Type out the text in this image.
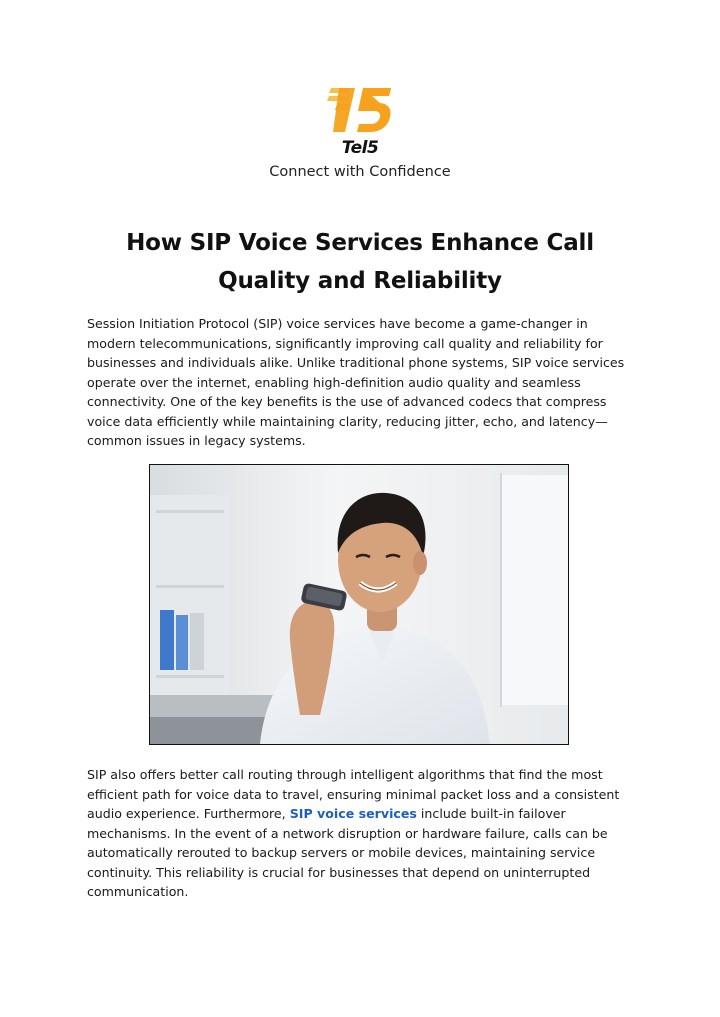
Tel5
Connect with Confidence
How SIP Voice Services Enhance Call
Quality and Reliability

Session Initiation Protocol (SIP) voice services have become a game-changer in modern telecommunications, significantly improving call quality and reliability for businesses and individuals alike. Unlike traditional phone systems, SIP voice services operate over the internet, enabling high-definition audio quality and seamless connectivity. One of the key benefits is the use of advanced codecs that compress voice data efficiently while maintaining clarity, reducing jitter, echo, and latency—common issues in legacy systems.

SIP also offers better call routing through intelligent algorithms that find the most efficient path for voice data to travel, ensuring minimal packet loss and a consistent audio experience. Furthermore, SIP voice services include built-in failover mechanisms. In the event of a network disruption or hardware failure, calls can be automatically rerouted to backup servers or mobile devices, maintaining service continuity. This reliability is crucial for businesses that depend on uninterrupted communication.
